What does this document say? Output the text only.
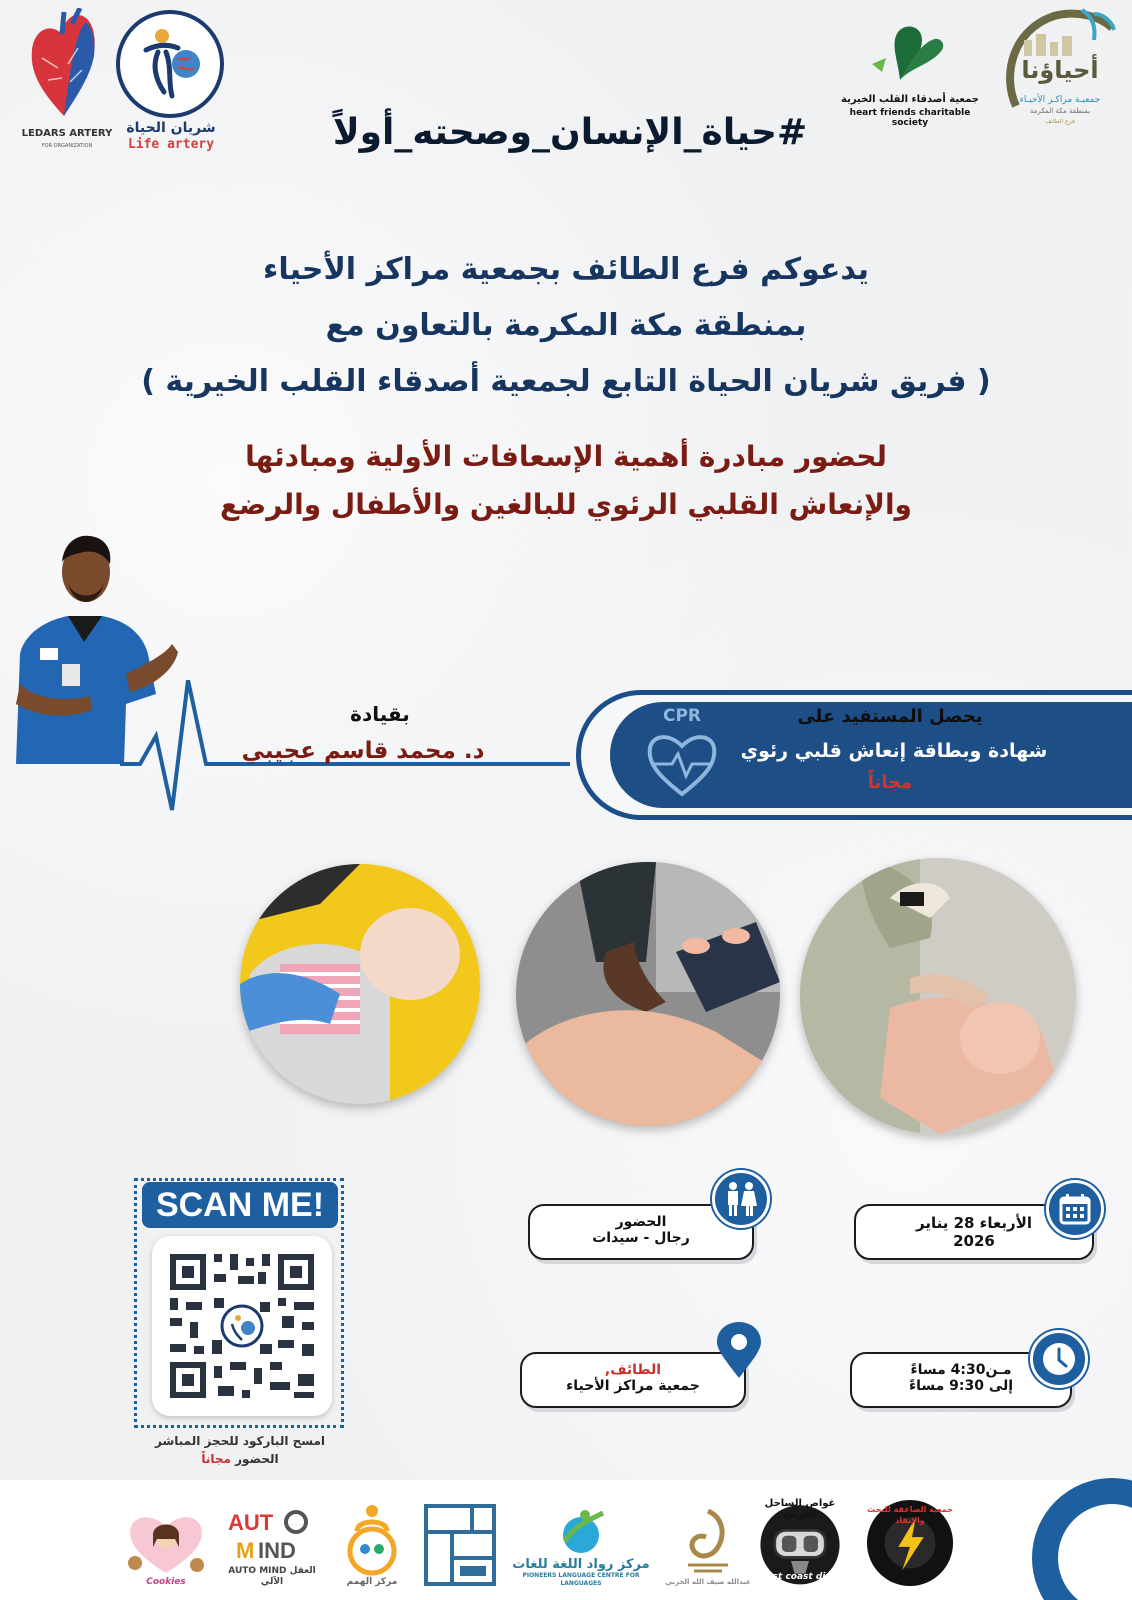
LEDARS ARTERY
FOR ORGANIZATION
شريان الحياة
Life artery
جمعية أصدقاء القلب الخيرية
heart friends charitable society
أحياؤنا
جمعيـة مراكـز الأحيـاء
بمنطقة مكة المكرمة
فرع الطائف
#حياة_الإنسان_وصحته_أولاً
يدعوكم فرع الطائف بجمعية مراكز الأحياء
بمنطقة مكة المكرمة بالتعاون مع
( فريق شريان الحياة التابع لجمعية أصدقاء القلب الخيرية )
لحضور مبادرة أهمية الإسعافات الأولية ومبادئها
والإنعاش القلبي الرئوي للبالغين والأطفال والرضع
بقيادة
د. محمد قاسم عجيبي
CPR	يحصل المستفيد على
شهادة وبطاقة إنعاش قلبي رئوي
مجاناً
الحضور
رجال - سيدات
الأربعاء 28 يناير
2026
الطائف,
جمعية مراكز الأحياء
مـن4:30 مساءً
إلى 9:30 مساءً
SCAN ME!
امسح الباركود للحجز المباشر
الحضور مجاناً
Cookies
AUT
M IND
AUTO MIND العقل الآلي	مركز الهمم
مركز رواد اللغة للغات
PIONEERS LANGUAGE CENTRE FOR LANGUAGES	عبدالله ضيف الله الحربي
غواص الساحل الغربي
west coast diver
جمعية الصاعقة للبحث والإنقاذ
